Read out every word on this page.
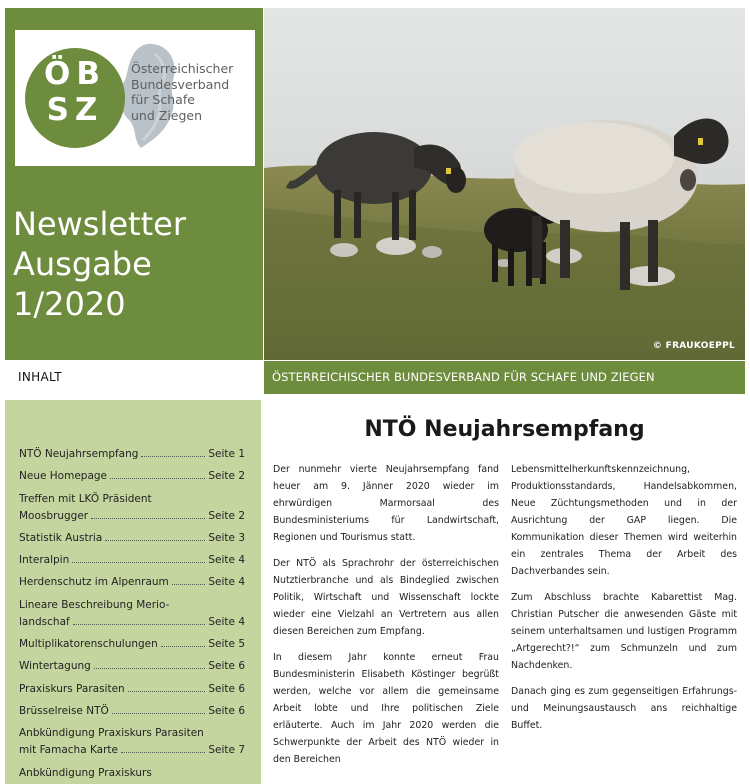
ÖB
SZ
Österreichischer
Bundesverband
für Schafe
und Ziegen
Newsletter
Ausgabe
1/2020
© FRAUKOEPPL
INHALT	ÖSTERREICHISCHER BUNDESVERBAND FÜR SCHAFE UND ZIEGEN
NTÖ Neujahrsempfang	Seite 1
Neue Homepage	Seite 2
Treffen mit LKÖ Präsident
Moosbrugger	Seite 2
Statistik Austria	Seite 3
Interalpin	Seite 4
Herdenschutz im Alpenraum	Seite 4
Lineare Beschreibung Merio-
landschaf	Seite 4
Multiplikatorenschulungen	Seite 5
Wintertagung	Seite 6
Praxiskurs Parasiten	Seite 6
Brüsselreise NTÖ	Seite 6
Anbkündigung Praxiskurs Parasiten
mit Famacha Karte	Seite 7
Anbkündigung Praxiskurs
NTÖ Neujahrsempfang

Der nunmehr vierte Neujahrsempfang fand heuer am 9. Jänner 2020 wieder im ehrwürdigen Marmorsaal des Bundesministeriums für Landwirtschaft, Regionen und Tourismus statt.

Der NTÖ als Sprachrohr der österreichischen Nutztierbranche und als Bindeglied zwischen Politik, Wirtschaft und Wissenschaft lockte wieder eine Vielzahl an Vertretern aus allen diesen Bereichen zum Empfang.

In diesem Jahr konnte erneut Frau Bundesministerin Elisabeth Köstinger begrüßt werden, welche vor allem die gemeinsame Arbeit lobte und Ihre politischen Ziele erläuterte. Auch im Jahr 2020 werden die Schwerpunkte der Arbeit des NTÖ wieder in den Bereichen

Lebensmittelherkunftskennzeichnung, Produktionsstandards, Handelsabkommen, Neue Züchtungsmethoden und in der Ausrichtung der GAP liegen. Die Kommunikation dieser Themen wird weiterhin ein zentrales Thema der Arbeit des Dachverbandes sein.

Zum Abschluss brachte Kabarettist Mag. Christian Putscher die anwesenden Gäste mit seinem unterhaltsamen und lustigen Programm „Artgerecht?!“ zum Schmunzeln und zum Nachdenken.

Danach ging es zum gegenseitigen Erfahrungs- und Meinungsaustausch ans reichhaltige Buffet.
